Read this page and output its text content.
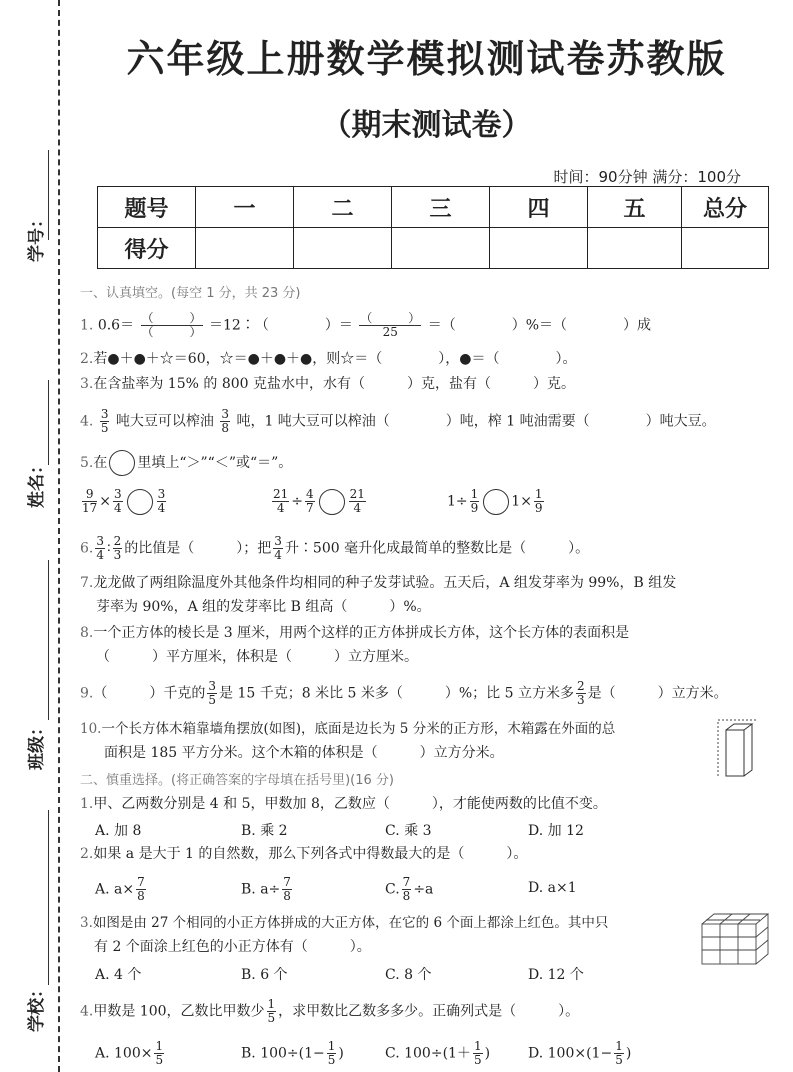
学号：
姓名：
班级：
学校：
六年级上册数学模拟测试卷苏教版
（期末测试卷）
时间：90分钟 满分：100分
题号	一	二	三	四	五	总分
得分						
一、认真填空。(每空 1 分，共 23 分)
1. $0.6= \frac{( )}{( )}$ ＝12∶（　　　　）＝ $\frac{( )}{25}$ ＝（　　　　）%＝（　　　　）成
2.若●＋●＋☆＝60，☆＝●＋●＋●，则☆＝（　　　　），●＝（　　　　）。
3.在含盐率为 15% 的 800 克盐水中，水有（　　　）克，盐有（　　　）克。
4. $\frac{3}{5}$ 吨大豆可以榨油 $\frac{3}{8}$ 吨，1 吨大豆可以榨油（　　　　）吨，榨 1 吨油需要（　　　　）吨大豆。
5.在 里填上“＞”“＜”或“＝”。
$\frac{9}{17} \times \frac{3}{4}$	$\frac{3}{4}$	$\frac{21}{4} \div \frac{4}{7}$	$\frac{21}{4}$	$1\div \frac{1}{9} 1\times \frac{1}{9}$
6. $\frac{3}{4}$ ∶ $\frac{2}{3}$ 的比值是（　　　）；把 $\frac{3}{4}$ 升∶500 毫升化成最简单的整数比是（　　　）。
7.龙龙做了两组除温度外其他条件均相同的种子发芽试验。五天后，A 组发芽率为 99%，B 组发
芽率为 90%，A 组的发芽率比 B 组高（　　　）%。
8.一个正方体的棱长是 3 厘米，用两个这样的正方体拼成长方体，这个长方体的表面积是
（　　　）平方厘米，体积是（　　　）立方厘米。
9.（　　　）千克的 $\frac{3}{5}$ 是 15 千克；8 米比 5 米多（　　　）%；比 5 立方米多 $\frac{2}{3}$ 是（　　　）立方米。
10.一个长方体木箱靠墙角摆放(如图)，底面是边长为 5 分米的正方形，木箱露在外面的总
面积是 185 平方分米。这个木箱的体积是（　　　）立方分米。
二、慎重选择。(将正确答案的字母填在括号里)(16 分)
1.甲、乙两数分别是 4 和 5，甲数加 8，乙数应（　　　），才能使两数的比值不变。
A. 加 8	B. 乘 2	C. 乘 3	D. 加 12
2.如果 a 是大于 1 的自然数，那么下列各式中得数最大的是（　　　）。
A. $a\times \frac{7}{8}$	B. $a\div \frac{7}{8}$	C. $\frac{7}{8} \div a$	D. a×1
3.如图是由 27 个相同的小正方体拼成的大正方体，在它的 6 个面上都涂上红色。其中只
有 2 个面涂上红色的小正方体有（　　　）。
A. 4 个	B. 6 个	C. 8 个	D. 12 个
4.甲数是 100，乙数比甲数少 $\frac{1}{5}$ ，求甲数比乙数多多少。正确列式是（　　　）。
A. $100\times \frac{1}{5}$	B. $100\div(1- \frac{1}{5}$ )	C. $100\div(1+ \frac{1}{5}$ )	D. $100\times(1- \frac{1}{5}$ )
